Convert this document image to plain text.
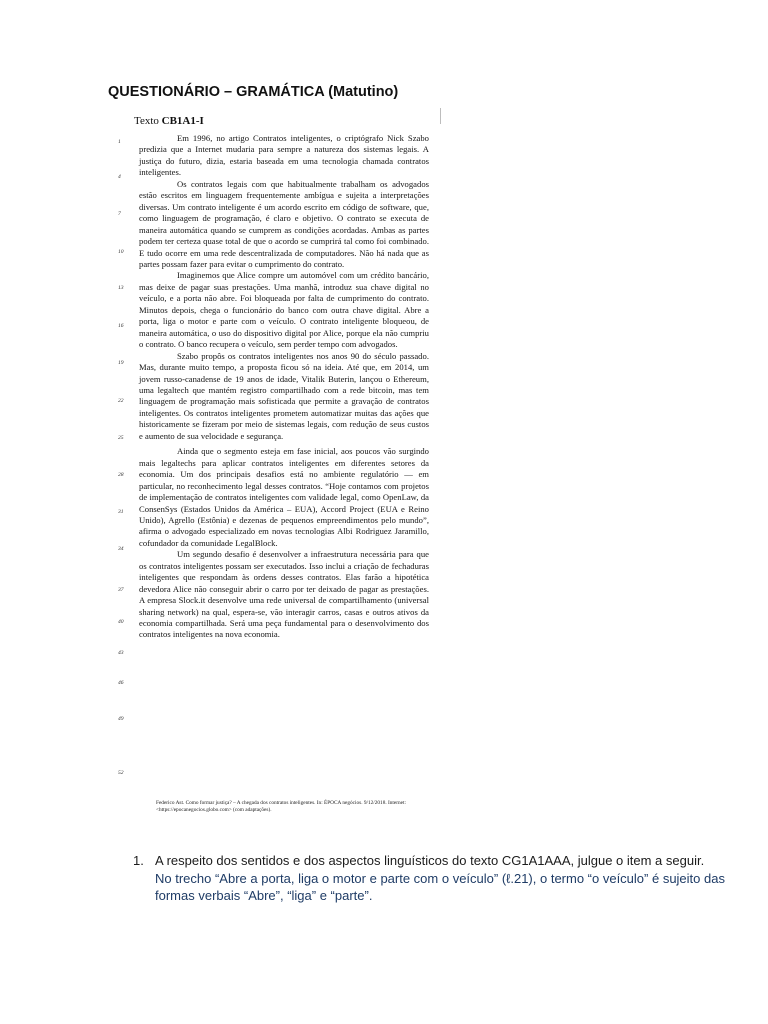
QUESTIONÁRIO – GRAMÁTICA (Matutino)
Texto CB1A1-I
1
4
7
10
13
16
19
22
25
28
31
34
37
40
43
46
49
52

Em 1996, no artigo Contratos inteligentes, o criptógrafo Nick Szabo predizia que a Internet mudaria para sempre a natureza dos sistemas legais. A justiça do futuro, dizia, estaria baseada em uma tecnologia chamada contratos inteligentes.

Os contratos legais com que habitualmente trabalham os advogados estão escritos em linguagem frequentemente ambígua e sujeita a interpretações diversas. Um contrato inteligente é um acordo escrito em código de software, que, como linguagem de programação, é claro e objetivo. O contrato se executa de maneira automática quando se cumprem as condições acordadas. Ambas as partes podem ter certeza quase total de que o acordo se cumprirá tal como foi combinado. E tudo ocorre em uma rede descentralizada de computadores. Não há nada que as partes possam fazer para evitar o cumprimento do contrato.

Imaginemos que Alice compre um automóvel com um crédito bancário, mas deixe de pagar suas prestações. Uma manhã, introduz sua chave digital no veículo, e a porta não abre. Foi bloqueada por falta de cumprimento do contrato. Minutos depois, chega o funcionário do banco com outra chave digital. Abre a porta, liga o motor e parte com o veículo. O contrato inteligente bloqueou, de maneira automática, o uso do dispositivo digital por Alice, porque ela não cumpriu o contrato. O banco recupera o veículo, sem perder tempo com advogados.

Szabo propôs os contratos inteligentes nos anos 90 do século passado. Mas, durante muito tempo, a proposta ficou só na ideia. Até que, em 2014, um jovem russo-canadense de 19 anos de idade, Vitalik Buterin, lançou o Ethereum, uma legaltech que mantém registro compartilhado com a rede bitcoin, mas tem linguagem de programação mais sofisticada que permite a gravação de contratos inteligentes. Os contratos inteligentes prometem automatizar muitas das ações que historicamente se fizeram por meio de sistemas legais, com redução de seus custos e aumento de sua velocidade e segurança.

Ainda que o segmento esteja em fase inicial, aos poucos vão surgindo mais legaltechs para aplicar contratos inteligentes em diferentes setores da economia. Um dos principais desafios está no ambiente regulatório — em particular, no reconhecimento legal desses contratos. “Hoje contamos com projetos de implementação de contratos inteligentes com validade legal, como OpenLaw, da ConsenSys (Estados Unidos da América – EUA), Accord Project (EUA e Reino Unido), Agrello (Estônia) e dezenas de pequenos empreendimentos pelo mundo”, afirma o advogado especializado em novas tecnologias Albi Rodriguez Jaramillo, cofundador da comunidade LegalBlock.

Um segundo desafio é desenvolver a infraestrutura necessária para que os contratos inteligentes possam ser executados. Isso inclui a criação de fechaduras inteligentes que respondam às ordens desses contratos. Elas farão a hipotética devedora Alice não conseguir abrir o carro por ter deixado de pagar as prestações. A empresa Slock.it desenvolve uma rede universal de compartilhamento (universal sharing network) na qual, espera-se, vão interagir carros, casas e outros ativos da economia compartilhada. Será uma peça fundamental para o desenvolvimento dos contratos inteligentes na nova economia.

Federico Ast. Como formar justiça? – A chegada dos contratos inteligentes. In: ÉPOCA negócios. 9/12/2018. Internet: <https://epocanegocios.globo.com> (com adaptações).
1. A respeito dos sentidos e dos aspectos linguísticos do texto CG1A1AAA, julgue o item a seguir.
No trecho “Abre a porta, liga o motor e parte com o veículo” (ℓ.21), o termo “o veículo” é sujeito das formas verbais “Abre”, “liga” e “parte”.
